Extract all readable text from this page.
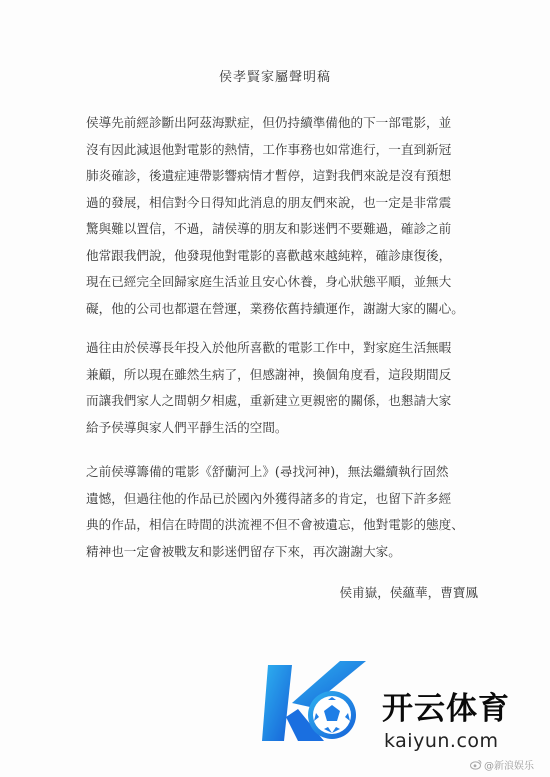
侯孝賢家屬聲明稿
侯導先前經診斷出阿茲海默症，但仍持續準備他的下一部電影，並
沒有因此減退他對電影的熱情，工作事務也如常進行，一直到新冠
肺炎確診，後遺症連帶影響病情才暫停，這對我們來說是沒有預想
過的發展，相信對今日得知此消息的朋友們來說，也一定是非常震
驚與難以置信，不過，請侯導的朋友和影迷們不要難過，確診之前
他常跟我們說，他發現他對電影的喜歡越來越純粹，確診康復後，
現在已經完全回歸家庭生活並且安心休養，身心狀態平順，並無大
礙，他的公司也都還在營運，業務依舊持續運作，謝謝大家的關心。
過往由於侯導長年投入於他所喜歡的電影工作中，對家庭生活無暇
兼顧，所以現在雖然生病了，但感謝神，換個角度看，這段期間反
而讓我們家人之間朝夕相處，重新建立更親密的關係，也懇請大家
給予侯導與家人們平靜生活的空間。
之前侯導籌備的電影《舒蘭河上》(尋找河神)，無法繼續執行固然
遺憾，但過往他的作品已於國內外獲得諸多的肯定，也留下許多經
典的作品，相信在時間的洪流裡不但不會被遺忘，他對電影的態度、
精神也一定會被戰友和影迷們留存下來，再次謝謝大家。
侯甫嶽，侯蘊華，曹寶鳳
开云体育
kaiyun.com
@新浪娱乐
